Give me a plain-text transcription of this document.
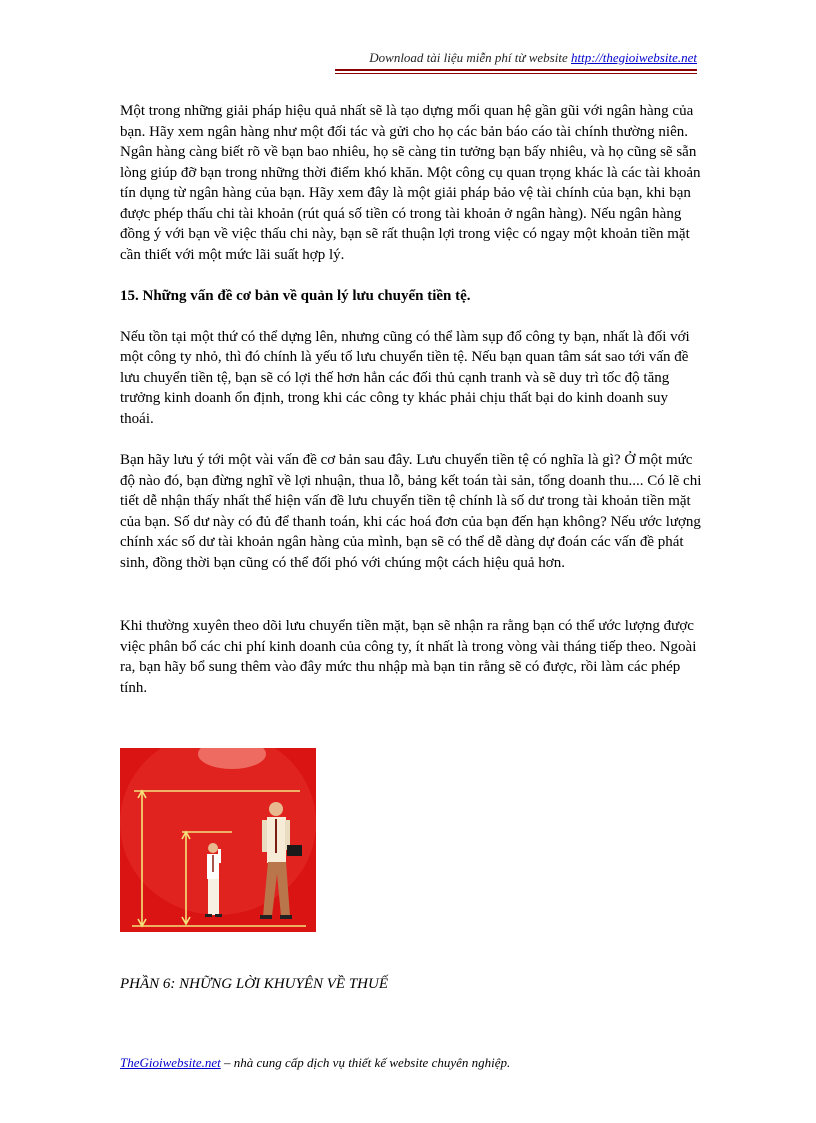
Download tài liệu miễn phí từ website http://thegioiwebsite.net

Một trong những giải pháp hiệu quả nhất sẽ là tạo dựng mối quan hệ gần gũi với ngân hàng của bạn. Hãy xem ngân hàng như một đối tác và gửi cho họ các bản báo cáo tài chính thường niên. Ngân hàng càng biết rõ về bạn bao nhiêu, họ sẽ càng tin tưởng bạn bấy nhiêu, và họ cũng sẽ sẵn lòng giúp đỡ bạn trong những thời điểm khó khăn. Một công cụ quan trọng khác là các tài khoản tín dụng từ ngân hàng của bạn. Hãy xem đây là một giải pháp bảo vệ tài chính của bạn, khi bạn được phép thấu chi tài khoản (rút quá số tiền có trong tài khoản ở ngân hàng). Nếu ngân hàng đồng ý với bạn về việc thấu chi này, bạn sẽ rất thuận lợi trong việc có ngay một khoản tiền mặt cần thiết với một mức lãi suất hợp lý.

15. Những vấn đề cơ bản về quản lý lưu chuyển tiền tệ.

Nếu tồn tại một thứ có thể dựng lên, nhưng cũng có thể làm sụp đổ công ty bạn, nhất là đối với một công ty nhỏ, thì đó chính là yếu tố lưu chuyển tiền tệ. Nếu bạn quan tâm sát sao tới vấn đề lưu chuyển tiền tệ, bạn sẽ có lợi thế hơn hẳn các đối thủ cạnh tranh và sẽ duy trì tốc độ tăng trưởng kinh doanh ổn định, trong khi các công ty khác phải chịu thất bại do kinh doanh suy thoái.

Bạn hãy lưu ý tới một vài vấn đề cơ bản sau đây. Lưu chuyển tiền tệ có nghĩa là gì? Ở một mức độ nào đó, bạn đừng nghĩ về lợi nhuận, thua lỗ, bảng kết toán tài sản, tổng doanh thu.... Có lẽ chi tiết dễ nhận thấy nhất thể hiện vấn đề lưu chuyển tiền tệ chính là số dư trong tài khoản tiền mặt của bạn. Số dư này có đủ để thanh toán, khi các hoá đơn của bạn đến hạn không? Nếu ước lượng chính xác số dư tài khoản ngân hàng của mình, bạn sẽ có thể dễ dàng dự đoán các vấn đề phát sinh, đồng thời bạn cũng có thể đối phó với chúng một cách hiệu quả hơn.

Khi thường xuyên theo dõi lưu chuyển tiền mặt, bạn sẽ nhận ra rằng bạn có thể ước lượng được việc phân bổ các chi phí kinh doanh của công ty, ít nhất là trong vòng vài tháng tiếp theo. Ngoài ra, bạn hãy bổ sung thêm vào đây mức thu nhập mà bạn tin rằng sẽ có được, rồi làm các phép tính.

PHẦN 6: NHỮNG LỜI KHUYÊN VỀ THUẾ
TheGioiwebsite.net – nhà cung cấp dịch vụ thiết kế website chuyên nghiệp.
